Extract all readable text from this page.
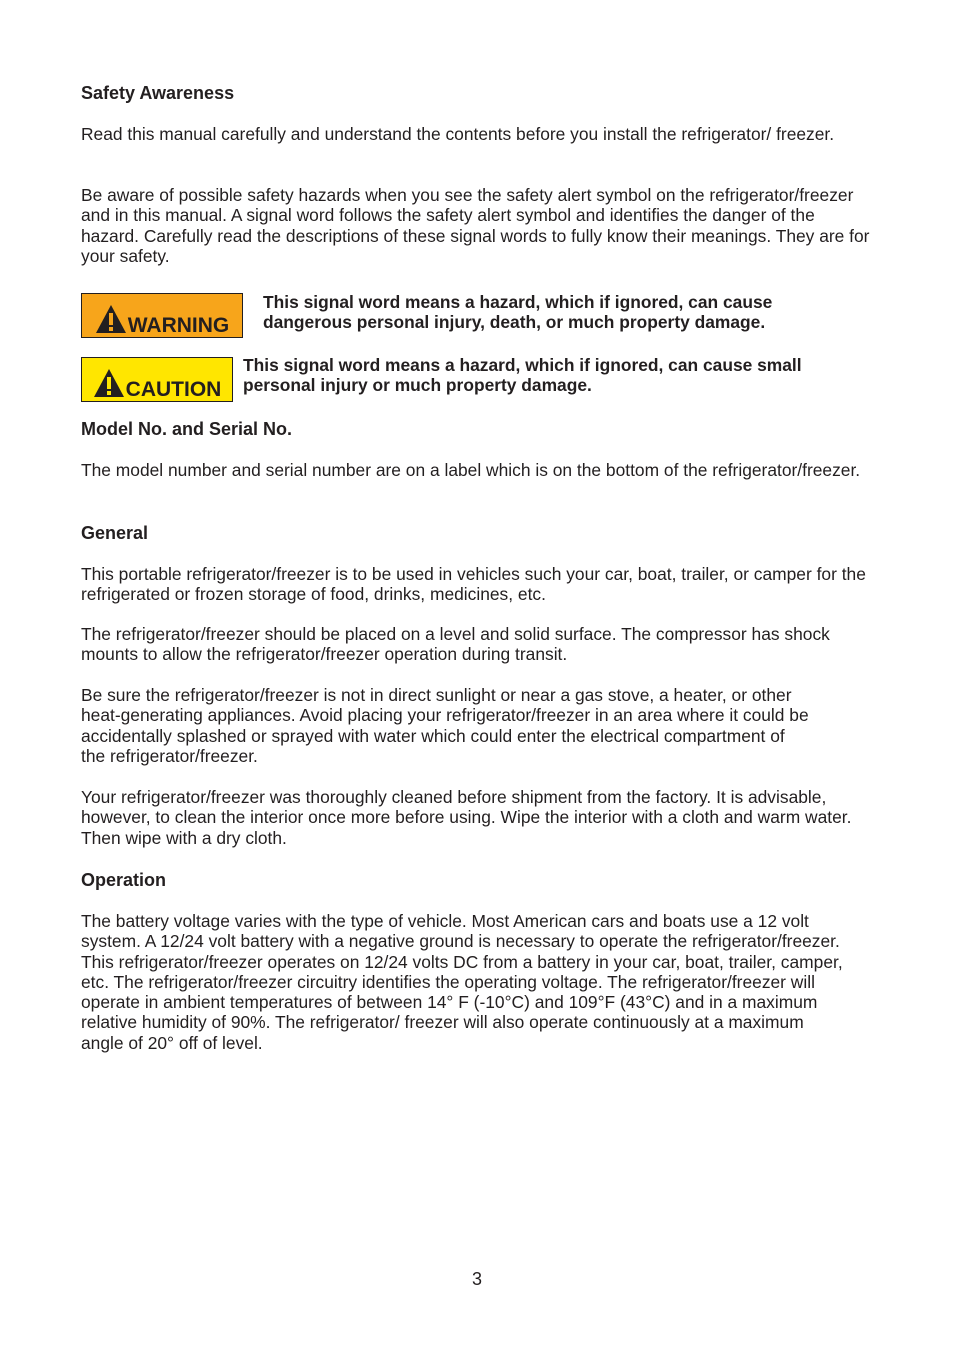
Safety Awareness

Read this manual carefully and understand the contents before you install the refrigerator/ freezer.

Be aware of possible safety hazards when you see the safety alert symbol on the refrigerator/freezer and in this manual. A signal word follows the safety alert symbol and identifies the danger of the hazard. Carefully read the descriptions of these signal words to fully know their meanings. They are for your safety.

WARNING
This signal word means a hazard, which if ignored, can cause dangerous personal injury, death, or much property damage.
CAUTION
This signal word means a hazard, which if ignored, can cause small personal injury or much property damage.
Model No. and Serial No.

The model number and serial number are on a label which is on the bottom of the refrigerator/freezer.

General

This portable refrigerator/freezer is to be used in vehicles such your car, boat, trailer, or camper for the refrigerated or frozen storage of food, drinks, medicines, etc.

The refrigerator/freezer should be placed on a level and solid surface. The compressor has shock mounts to allow the refrigerator/freezer operation during transit.

Be sure the refrigerator/freezer is not in direct sunlight or near a gas stove, a heater, or other heat-generating appliances. Avoid placing your refrigerator/freezer in an area where it could be accidentally splashed or sprayed with water which could enter the electrical compartment of the refrigerator/freezer.

Your refrigerator/freezer was thoroughly cleaned before shipment from the factory. It is advisable, however, to clean the interior once more before using. Wipe the interior with a cloth and warm water. Then wipe with a dry cloth.

Operation

The battery voltage varies with the type of vehicle. Most American cars and boats use a 12 volt system. A 12/24 volt battery with a negative ground is necessary to operate the refrigerator/freezer. This refrigerator/freezer operates on 12/24 volts DC from a battery in your car, boat, trailer, camper, etc. The refrigerator/freezer circuitry identifies the operating voltage. The refrigerator/freezer will operate in ambient temperatures of between 14° F (-10°C) and 109°F (43°C) and in a maximum relative humidity of 90%. The refrigerator/ freezer will also operate continuously at a maximum angle of 20° off of level.

3
